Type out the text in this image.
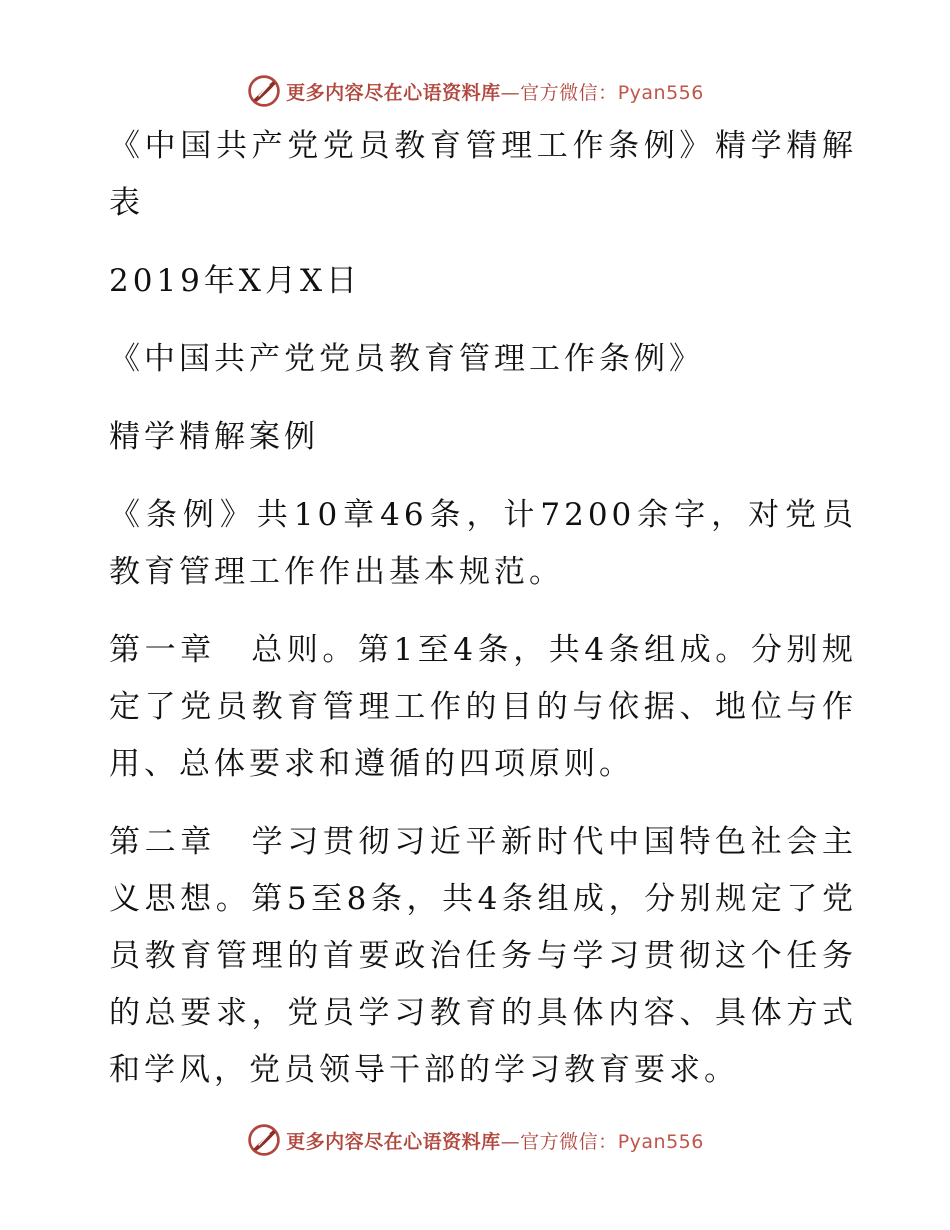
更多内容尽在心语资料库—官方微信：Pyan556

《中国共产党党员教育管理工作条例》精学精解表

2019年X月X日

《中国共产党党员教育管理工作条例》

精学精解案例

《条例》共10章46条，计7200余字，对党员教育管理工作作出基本规范。

第一章　总则。第1至4条，共4条组成。分别规定了党员教育管理工作的目的与依据、地位与作用、总体要求和遵循的四项原则。

第二章　学习贯彻习近平新时代中国特色社会主义思想。第5至8条，共4条组成，分别规定了党员教育管理的首要政治任务与学习贯彻这个任务的总要求，党员学习教育的具体内容、具体方式和学风，党员领导干部的学习教育要求。

更多内容尽在心语资料库—官方微信：Pyan556
